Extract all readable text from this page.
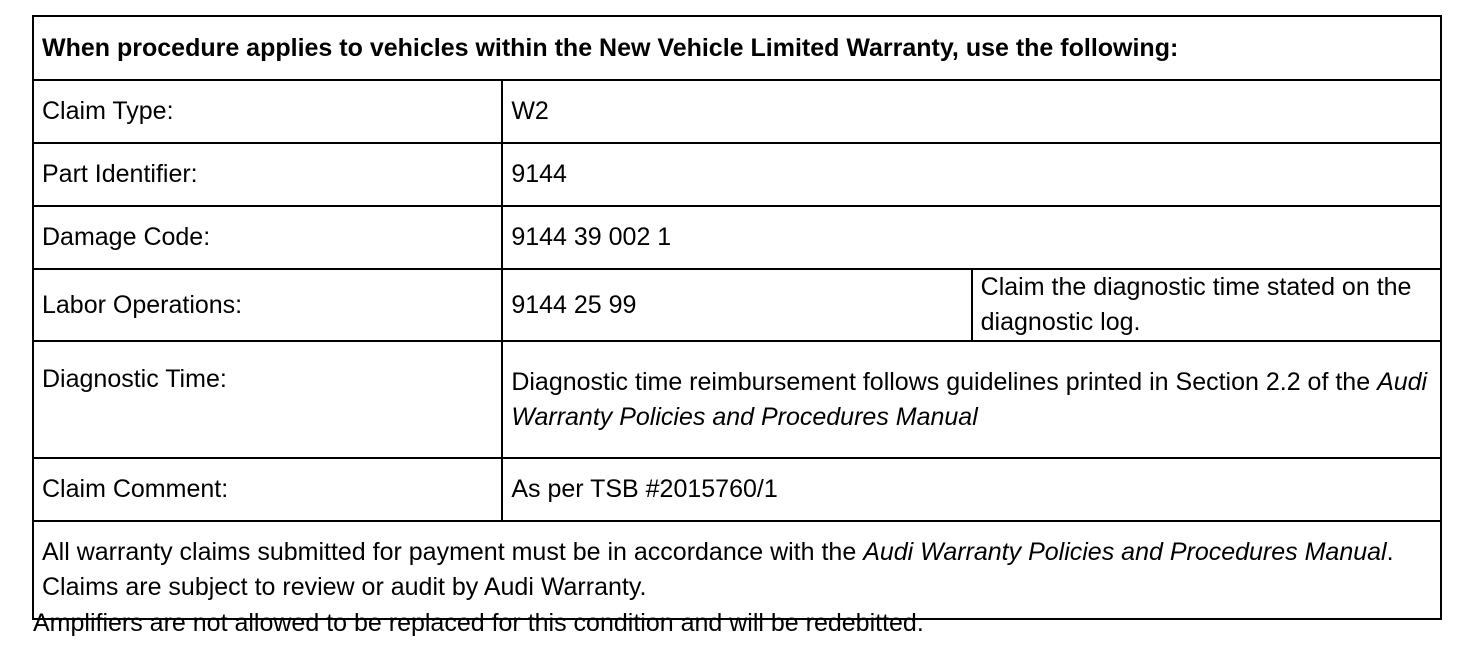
When procedure applies to vehicles within the New Vehicle Limited Warranty, use the following:		
Claim Type:	W2	
Part Identifier:	9144	
Damage Code:	9144 39 002 1	
Labor Operations:	9144 25 99	Claim the diagnostic time stated on the diagnostic log.
Diagnostic Time:	Diagnostic time reimbursement follows guidelines printed in Section 2.2 of the Audi Warranty Policies and Procedures Manual	
Claim Comment:	As per TSB #2015760/1	
All warranty claims submitted for payment must be in accordance with the Audi Warranty Policies and Procedures Manual. Claims are subject to review or audit by Audi Warranty.		
Amplifiers are not allowed to be replaced for this condition and will be redebitted.
